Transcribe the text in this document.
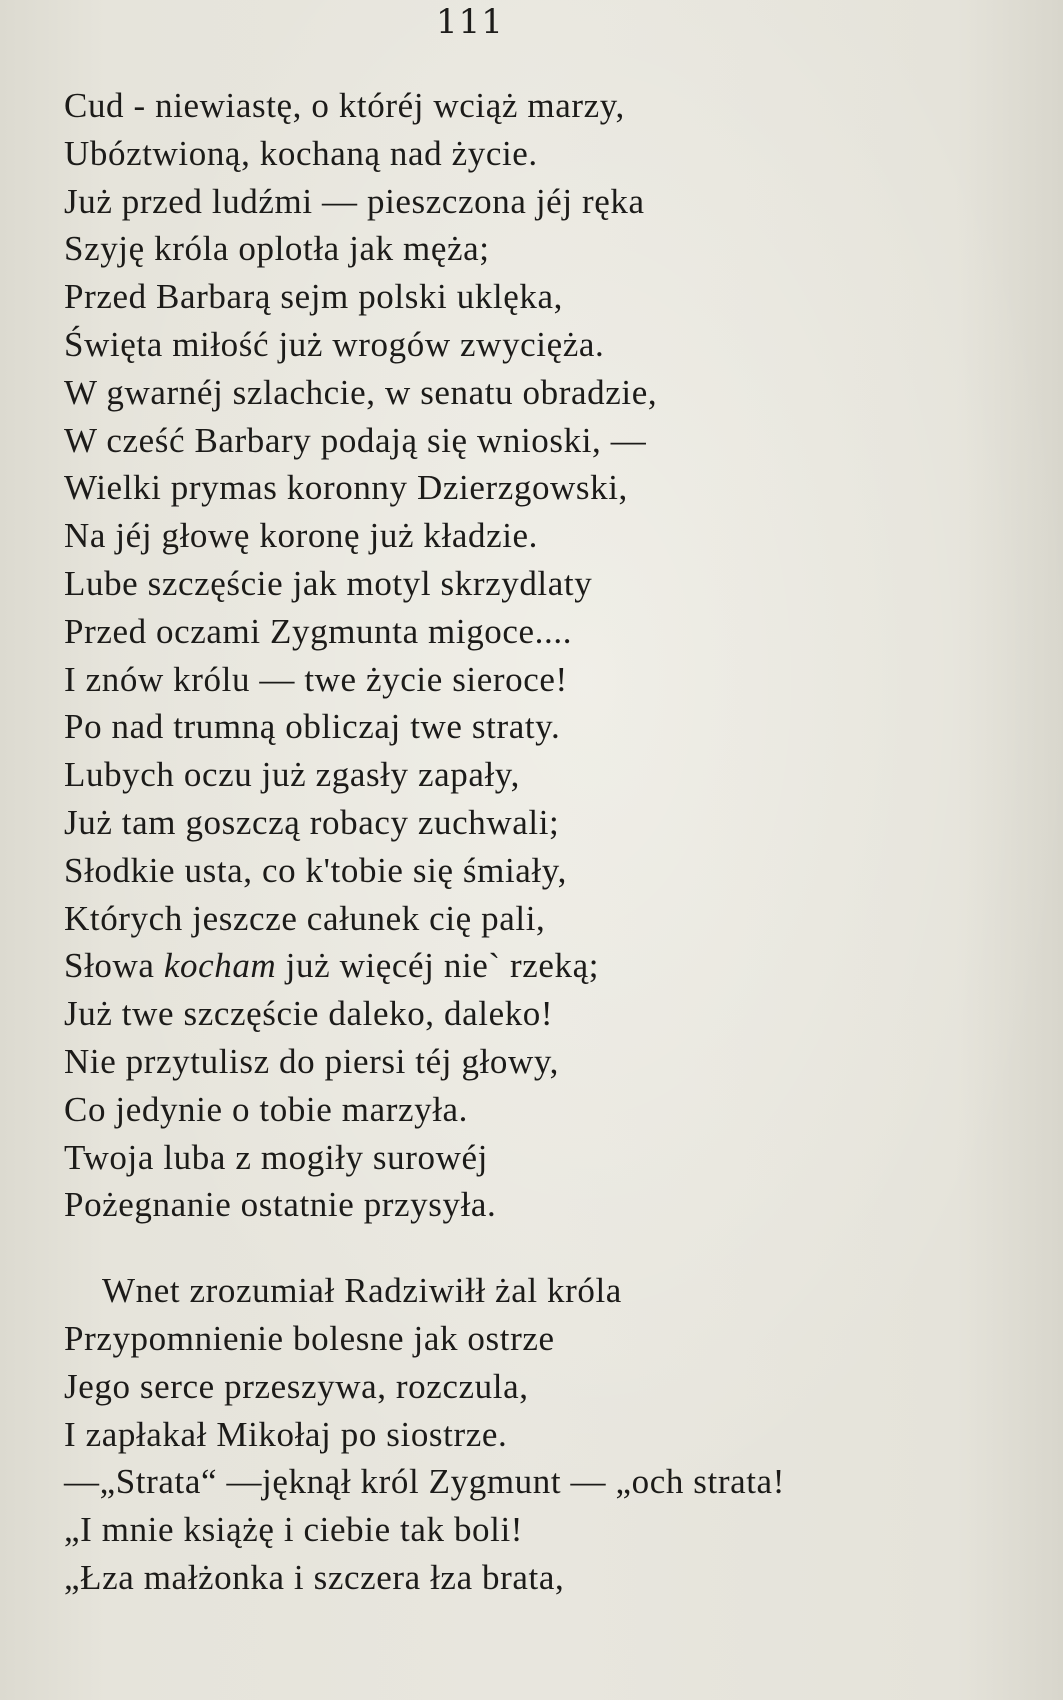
111
Cud - niewiastę, o któréj wciąż marzy,
Ubóztwioną, kochaną nad życie.
Już przed ludźmi — pieszczona jéj ręka
Szyję króla oplotła jak męża;
Przed Barbarą sejm polski uklęka,
Święta miłość już wrogów zwycięża.
W gwarnéj szlachcie, w senatu obradzie,
W cześć Barbary podają się wnioski, —
Wielki prymas koronny Dzierzgowski,
Na jéj głowę koronę już kładzie.
Lube szczęście jak motyl skrzydlaty
Przed oczami Zygmunta migoce....
I znów królu — twe życie sieroce!
Po nad trumną obliczaj twe straty.
Lubych oczu już zgasły zapały,
Już tam goszczą robacy zuchwali;
Słodkie usta, co k'tobie się śmiały,
Których jeszcze całunek cię pali,
Słowa kocham już więcéj nie` rzeką;
Już twe szczęście daleko, daleko!
Nie przytulisz do piersi téj głowy,
Co jedynie o tobie marzyła.
Twoja luba z mogiły surowéj
Pożegnanie ostatnie przysyła.
Wnet zrozumiał Radziwiłł żal króla
Przypomnienie bolesne jak ostrze
Jego serce przeszywa, rozczula,
I zapłakał Mikołaj po siostrze.
—„Strata“ —jęknął król Zygmunt — „och strata!
„I mnie książę i ciebie tak boli!
„Łza małżonka i szczera łza brata,
